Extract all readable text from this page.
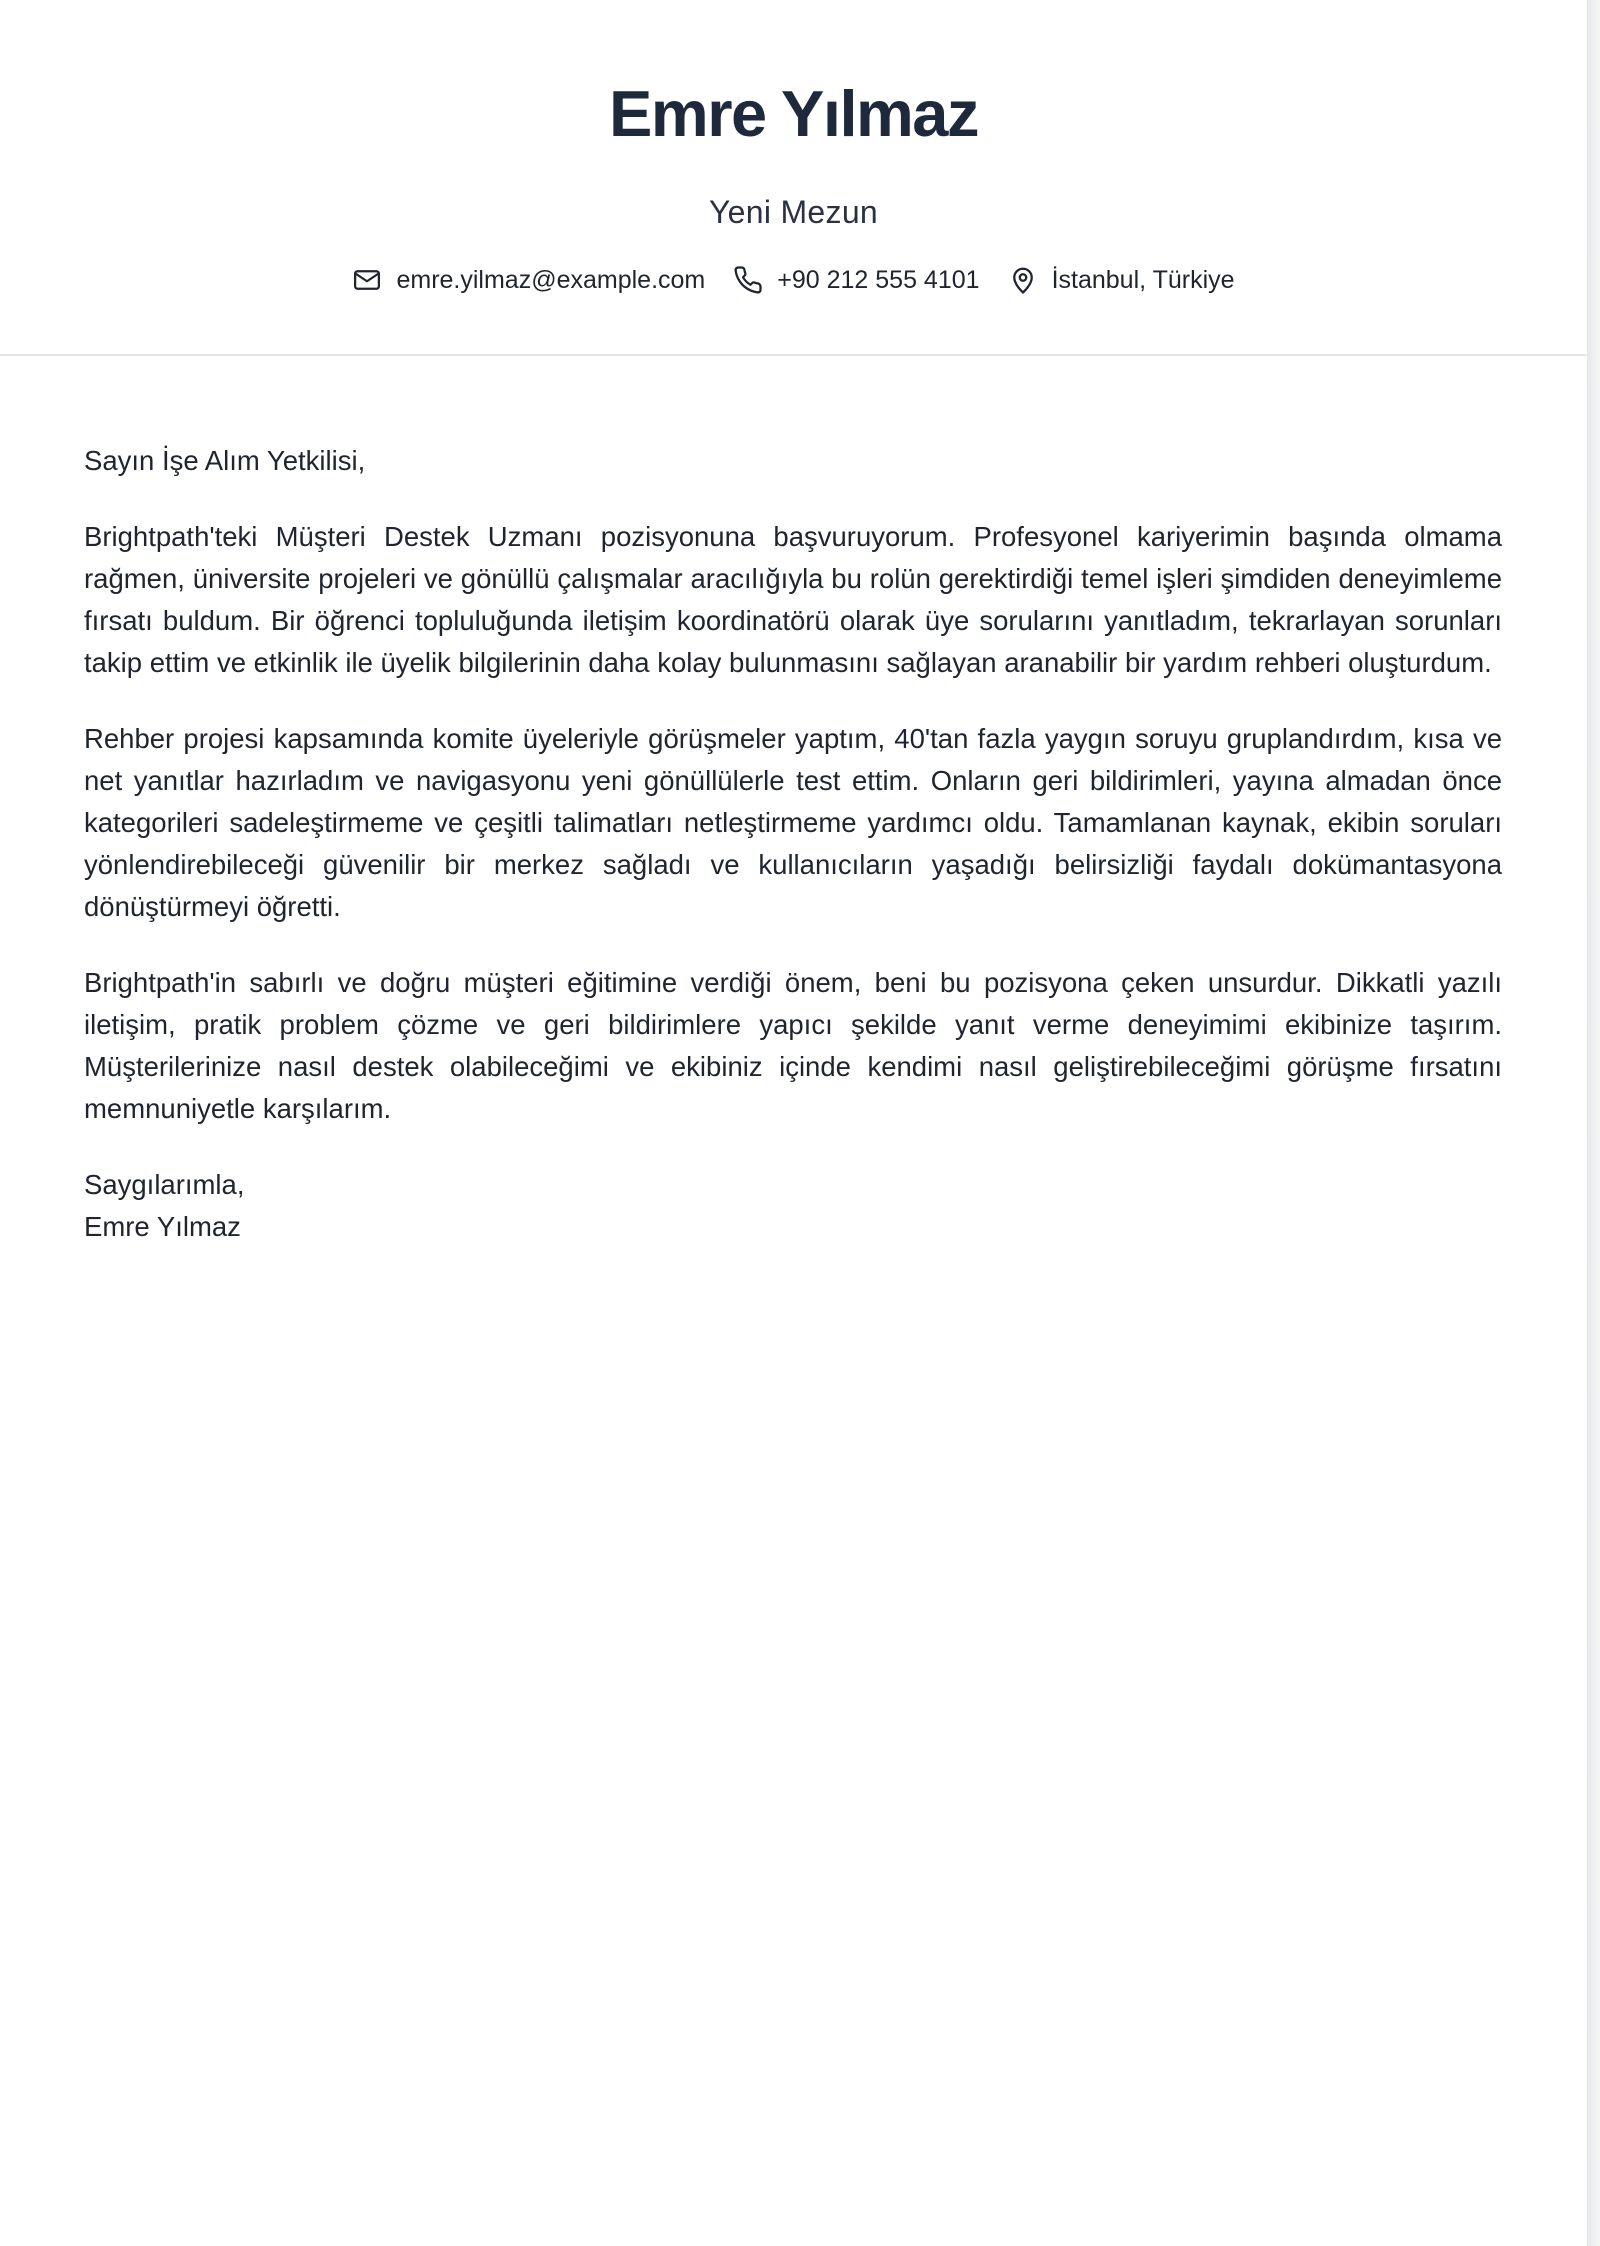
Emre Yılmaz
Yeni Mezun
emre.yilmaz@example.com	+90 212 555 4101	İstanbul, Türkiye
Sayın İşe Alım Yetkilisi,

Brightpath'teki Müşteri Destek Uzmanı pozisyonuna başvuruyorum. Profesyonel kariyerimin başında olmama rağmen, üniversite projeleri ve gönüllü çalışmalar aracılığıyla bu rolün gerektirdiği temel işleri şimdiden deneyimleme fırsatı buldum. Bir öğrenci topluluğunda iletişim koordinatörü olarak üye sorularını yanıtladım, tekrarlayan sorunları takip ettim ve etkinlik ile üyelik bilgilerinin daha kolay bulunmasını sağlayan aranabilir bir yardım rehberi oluşturdum.

Rehber projesi kapsamında komite üyeleriyle görüşmeler yaptım, 40'tan fazla yaygın soruyu gruplandırdım, kısa ve net yanıtlar hazırladım ve navigasyonu yeni gönüllülerle test ettim. Onların geri bildirimleri, yayına almadan önce kategorileri sadeleştirmeme ve çeşitli talimatları netleştirmeme yardımcı oldu. Tamamlanan kaynak, ekibin soruları yönlendirebileceği güvenilir bir merkez sağladı ve kullanıcıların yaşadığı belirsizliği faydalı dokümantasyona dönüştürmeyi öğretti.

Brightpath'in sabırlı ve doğru müşteri eğitimine verdiği önem, beni bu pozisyona çeken unsurdur. Dikkatli yazılı iletişim, pratik problem çözme ve geri bildirimlere yapıcı şekilde yanıt verme deneyimimi ekibinize taşırım. Müşterilerinize nasıl destek olabileceğimi ve ekibiniz içinde kendimi nasıl geliştirebileceğimi görüşme fırsatını memnuniyetle karşılarım.

Saygılarımla,
Emre Yılmaz
